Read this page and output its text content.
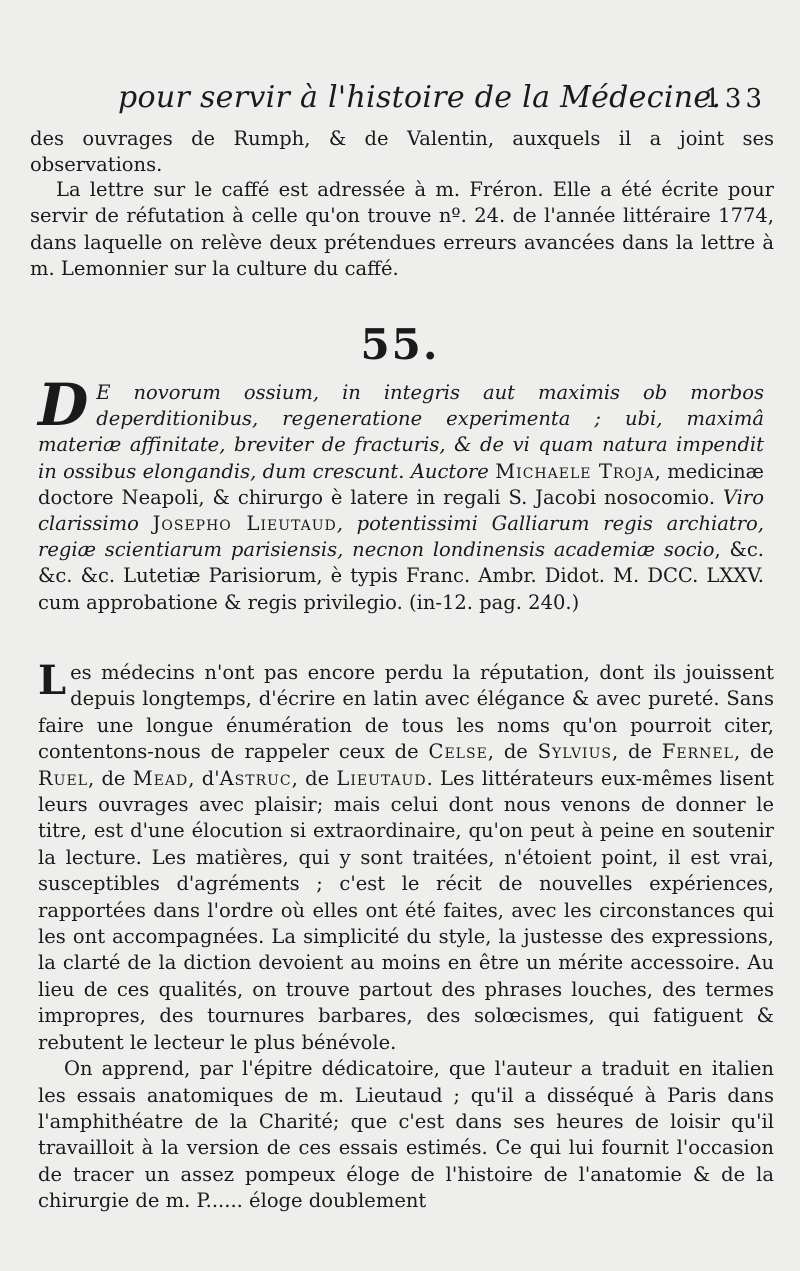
pour servir à l'histoire de la Médecine.
133

des ouvrages de Rumph, & de Valentin, auxquels il a joint ses observations.

La lettre sur le caffé est adressée à m. Fréron. Elle a été écrite pour servir de réfutation à celle qu'on trouve nº. 24. de l'année littéraire 1774, dans laquelle on relève deux prétendues erreurs avancées dans la lettre à m. Lemonnier sur la culture du caffé.

55.

D E novorum ossium, in integris aut maximis ob morbos deperditionibus, regeneratione experimenta ; ubi, maximâ materiæ affinitate, breviter de fracturis, & de vi quam natura impendit in ossibus elongandis, dum crescunt. Auctore Michaele Troja, medicinæ doctore Neapoli, & chirurgo è latere in regali S. Jacobi nosocomio. Viro clarissimo Josepho Lieutaud, potentissimi Galliarum regis archiatro, regiæ scientiarum parisiensis, necnon londinensis academiæ socio, &c. &c. &c. Lutetiæ Parisiorum, è typis Franc. Ambr. Didot. M. DCC. LXXV. cum approbatione & regis privilegio. (in-12. pag. 240.)

Les médecins n'ont pas encore perdu la réputation, dont ils jouissent depuis longtemps, d'écrire en latin avec élégance & avec pureté. Sans faire une longue énumération de tous les noms qu'on pourroit citer, contentons-nous de rappeler ceux de Celse, de Sylvius, de Fernel, de Ruel, de Mead, d'Astruc, de Lieutaud. Les littérateurs eux-mêmes lisent leurs ouvrages avec plaisir; mais celui dont nous venons de donner le titre, est d'une élocution si extraordinaire, qu'on peut à peine en soutenir la lecture. Les matières, qui y sont traitées, n'étoient point, il est vrai, susceptibles d'agréments ; c'est le récit de nouvelles expériences, rapportées dans l'ordre où elles ont été faites, avec les circonstances qui les ont accompagnées. La simplicité du style, la justesse des expressions, la clarté de la diction devoient au moins en être un mérite accessoire. Au lieu de ces qualités, on trouve partout des phrases louches, des termes impropres, des tournures barbares, des solœcismes, qui fatiguent & rebutent le lecteur le plus bénévole.

On apprend, par l'épitre dédicatoire, que l'auteur a traduit en italien les essais anatomiques de m. Lieutaud ; qu'il a disséqué à Paris dans l'amphithéatre de la Charité; que c'est dans ses heures de loisir qu'il travailloit à la version de ces essais estimés. Ce qui lui fournit l'occasion de tracer un assez pompeux éloge de l'histoire de l'anatomie & de la chirurgie de m. P...... éloge doublement
